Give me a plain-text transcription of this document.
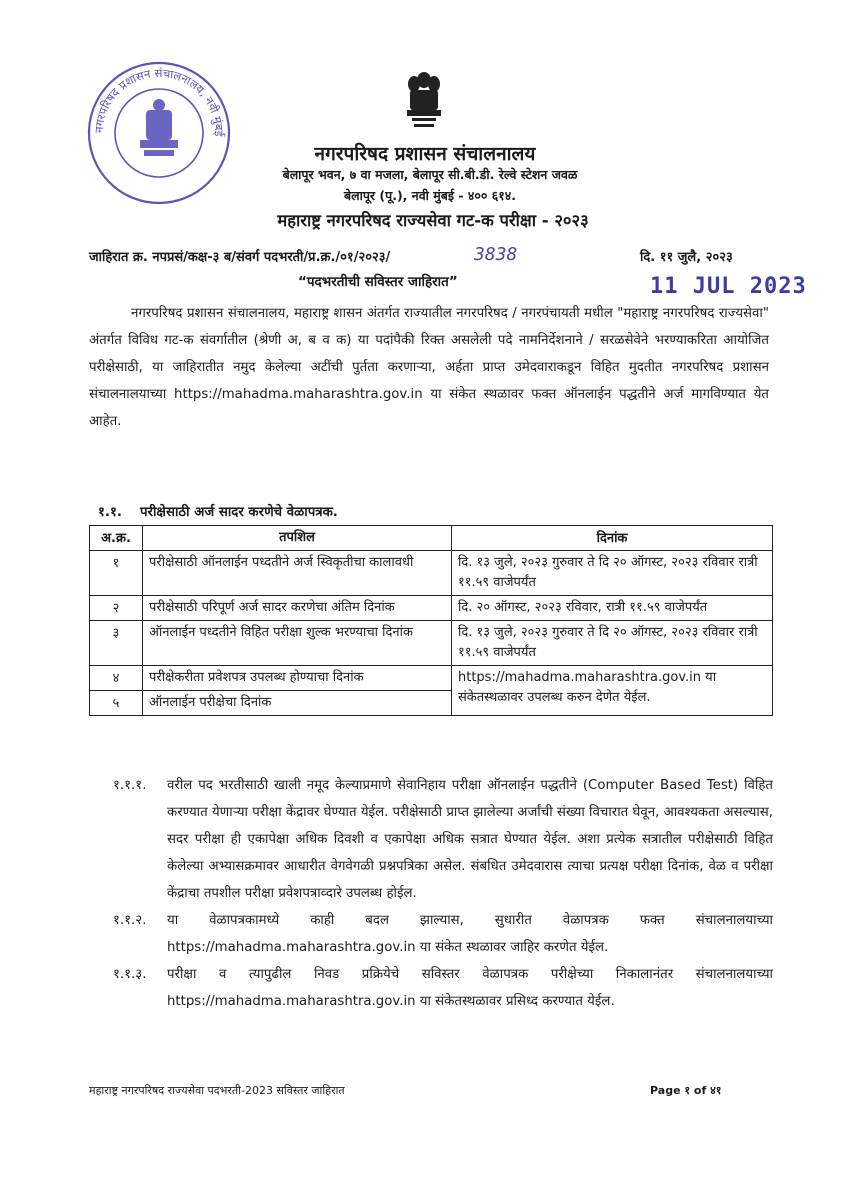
नगरपरिषद प्रशासन संचालनालय, नवी मुंबई
नगरपरिषद प्रशासन संचालनालय
बेलापूर भवन, ७ वा मजला, बेलापूर सी.बी.डी. रेल्वे स्टेशन जवळ
बेलापूर (पू.), नवी मुंबई - ४०० ६१४.
महाराष्ट्र नगरपरिषद राज्यसेवा गट-क परीक्षा - २०२३
जाहिरात क्र. नपप्रसं/कक्ष-३ ब/संवर्ग पदभरती/प्र.क्र./०१/२०२३/	3838	दि. ११ जुलै, २०२३
“पदभरतीची सविस्तर जाहिरात”	11 JUL 2023
नगरपरिषद प्रशासन संचालनालय, महाराष्ट्र शासन अंतर्गत राज्यातील नगरपरिषद / नगरपंचायती मधील "महाराष्ट्र नगरपरिषद राज्यसेवा" अंतर्गत विविध गट-क संवर्गातील (श्रेणी अ, ब व क) या पदांपैकी रिक्त असलेली पदे नामनिर्देशनाने / सरळसेवेने भरण्याकरिता आयोजित परीक्षेसाठी, या जाहिरातीत नमुद केलेल्या अटींची पुर्तता करणाऱ्या, अर्हता प्राप्त उमेदवाराकडून विहित मुदतीत नगरपरिषद प्रशासन संचालनालयाच्या https://mahadma.maharashtra.gov.in या संकेत स्थळावर फक्त ऑनलाईन पद्धतीने अर्ज मागविण्यात येत आहेत.
१.१. परीक्षेसाठी अर्ज सादर करणेचे वेळापत्रक.
अ.क्र.	तपशिल	दिनांक
१	परीक्षेसाठी ऑनलाईन पध्दतीने अर्ज स्विकृतीचा कालावधी	दि. १३ जुले, २०२३ गुरुवार ते दि २० ऑगस्ट, २०२३ रविवार रात्री ११.५९ वाजेपर्यंत
२	परीक्षेसाठी परिपूर्ण अर्ज सादर करणेचा अंतिम दिनांक	दि. २० ऑगस्ट, २०२३ रविवार, रात्री ११.५९ वाजेपर्यंत
३	ऑनलाईन पध्दतीने विहित परीक्षा शुल्क भरण्याचा दिनांक	दि. १३ जुले, २०२३ गुरुवार ते दि २० ऑगस्ट, २०२३ रविवार रात्री ११.५९ वाजेपर्यंत
४	परीक्षेकरीता प्रवेशपत्र उपलब्ध होण्याचा दिनांक	https://mahadma.maharashtra.gov.in या संकेतस्थळावर उपलब्ध करुन देणेत येईल.
५	ऑनलाईन परीक्षेचा दिनांक	
१.१.१. वरील पद भरतीसाठी खाली नमूद केल्याप्रमाणे सेवानिहाय परीक्षा ऑनलाईन पद्धतीने (Computer Based Test) विहित करण्यात येणाऱ्या परीक्षा केंद्रावर घेण्यात येईल. परीक्षेसाठी प्राप्त झालेल्या अर्जांची संख्या विचारात घेवून, आवश्यकता असल्यास, सदर परीक्षा ही एकापेक्षा अधिक दिवशी व एकापेक्षा अधिक सत्रात घेण्यात येईल. अशा प्रत्येक सत्रातील परीक्षेसाठी विहित केलेल्या अभ्यासक्रमावर आधारीत वेगवेगळी प्रश्नपत्रिका असेल. संबधित उमेदवारास त्याचा प्रत्यक्ष परीक्षा दिनांक, वेळ व परीक्षा केंद्राचा तपशील परीक्षा प्रवेशपत्राव्दारे उपलब्ध होईल.
१.१.२. या वेळापत्रकामध्ये काही बदल झाल्यास, सुधारीत वेळापत्रक फक्त संचालनालयाच्या https://mahadma.maharashtra.gov.in या संकेत स्थळावर जाहिर करणेत येईल.
१.१.३. परीक्षा व त्यापुढील निवड प्रक्रियेचे सविस्तर वेळापत्रक परीक्षेच्या निकालानंतर संचालनालयाच्या https://mahadma.maharashtra.gov.in या संकेतस्थळावर प्रसिध्द करण्यात येईल.
महाराष्ट्र नगरपरिषद राज्यसेवा पदभरती-2023 सविस्तर जाहिरात	Page १ of ४१
